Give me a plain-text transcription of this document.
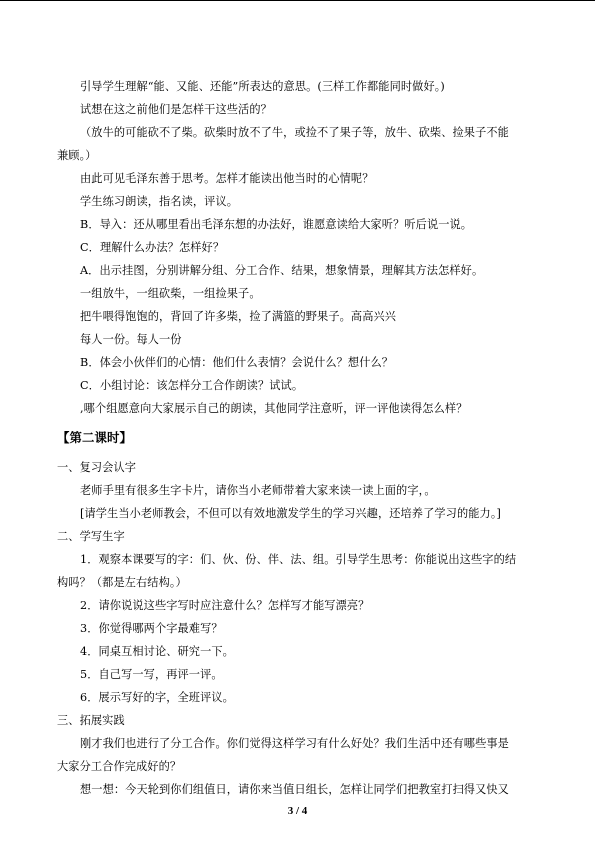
引导学生理解“能、又能、还能”所表达的意思。(三样工作都能同时做好。)
试想在这之前他们是怎样干这些活的？
（放牛的可能砍不了柴。砍柴时放不了牛，或捡不了果子等，放牛、砍柴、捡果子不能
兼顾。）
由此可见毛泽东善于思考。怎样才能读出他当时的心情呢？
学生练习朗读，指名读，评议。
B．导入：还从哪里看出毛泽东想的办法好，谁愿意读给大家听？听后说一说。
C．理解什么办法？怎样好？
A．出示挂图，分别讲解分组、分工合作、结果，想象情景，理解其方法怎样好。
一组放牛，一组砍柴，一组捡果子。
把牛喂得饱饱的，背回了许多柴，捡了满篮的野果子。高高兴兴
每人一份。每人一份
B．体会小伙伴们的心情：他们什么表情？会说什么？想什么？
C．小组讨论：该怎样分工合作朗读？试试。
,哪个组愿意向大家展示自己的朗读，其他同学注意听，评一评他读得怎么样？
【第二课时】
一、复习会认字
老师手里有很多生字卡片，请你当小老师带着大家来读一读上面的字，。
[请学生当小老师教会，不但可以有效地激发学生的学习兴趣，还培养了学习的能力。]
二、学写生字
1．观察本课要写的字：们、伙、份、伴、法、组。引导学生思考：你能说出这些字的结
构吗？（都是左右结构。）
2．请你说说这些字写时应注意什么？怎样写才能写漂亮？
3．你觉得哪两个字最难写？
4．同桌互相讨论、研究一下。
5．自己写一写，再评一评。
6．展示写好的字，全班评议。
三、拓展实践
刚才我们也进行了分工合作。你们觉得这样学习有什么好处？我们生活中还有哪些事是
大家分工合作完成好的？
想一想：今天轮到你们组值日，请你来当值日组长，怎样让同学们把教室打扫得又快又
3 / 4
